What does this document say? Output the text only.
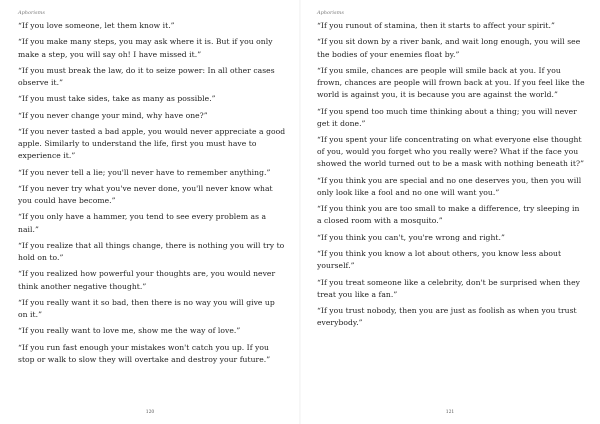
Aphorisms
“If you love someone, let them know it.”
“If you make many steps, you may ask where it is. But if you only make a step, you will say oh! I have missed it.”
“If you must break the law, do it to seize power: In all other cases observe it.”
“If you must take sides, take as many as possible.”
“If you never change your mind, why have one?”
“If you never tasted a bad apple, you would never appreciate a good apple. Similarly to understand the life, first you must have to experience it.”
“If you never tell a lie; you'll never have to remember anything.”
“If you never try what you've never done, you'll never know what you could have become.”
“If you only have a hammer, you tend to see every problem as a nail.”
“If you realize that all things change, there is nothing you will try to hold on to.”
“If you realized how powerful your thoughts are, you would never think another negative thought.”
“If you really want it so bad, then there is no way you will give up on it.”
“If you really want to love me, show me the way of love.”
“If you run fast enough your mistakes won't catch you up. If you stop or walk to slow they will overtake and destroy your future.”
120
Aphorisms
“If you runout of stamina, then it starts to affect your spirit.”
“If you sit down by a river bank, and wait long enough, you will see the bodies of your enemies float by.”
“If you smile, chances are people will smile back at you. If you frown, chances are people will frown back at you. If you feel like the world is against you, it is because you are against the world.”
“If you spend too much time thinking about a thing; you will never get it done.”
“If you spent your life concentrating on what everyone else thought of you, would you forget who you really were? What if the face you showed the world turned out to be a mask with nothing beneath it?”
“If you think you are special and no one deserves you, then you will only look like a fool and no one will want you.”
“If you think you are too small to make a difference, try sleeping in a closed room with a mosquito.”
“If you think you can't, you're wrong and right.”
“If you think you know a lot about others, you know less about yourself.”
“If you treat someone like a celebrity, don't be surprised when they treat you like a fan.”
“If you trust nobody, then you are just as foolish as when you trust everybody.”
121
